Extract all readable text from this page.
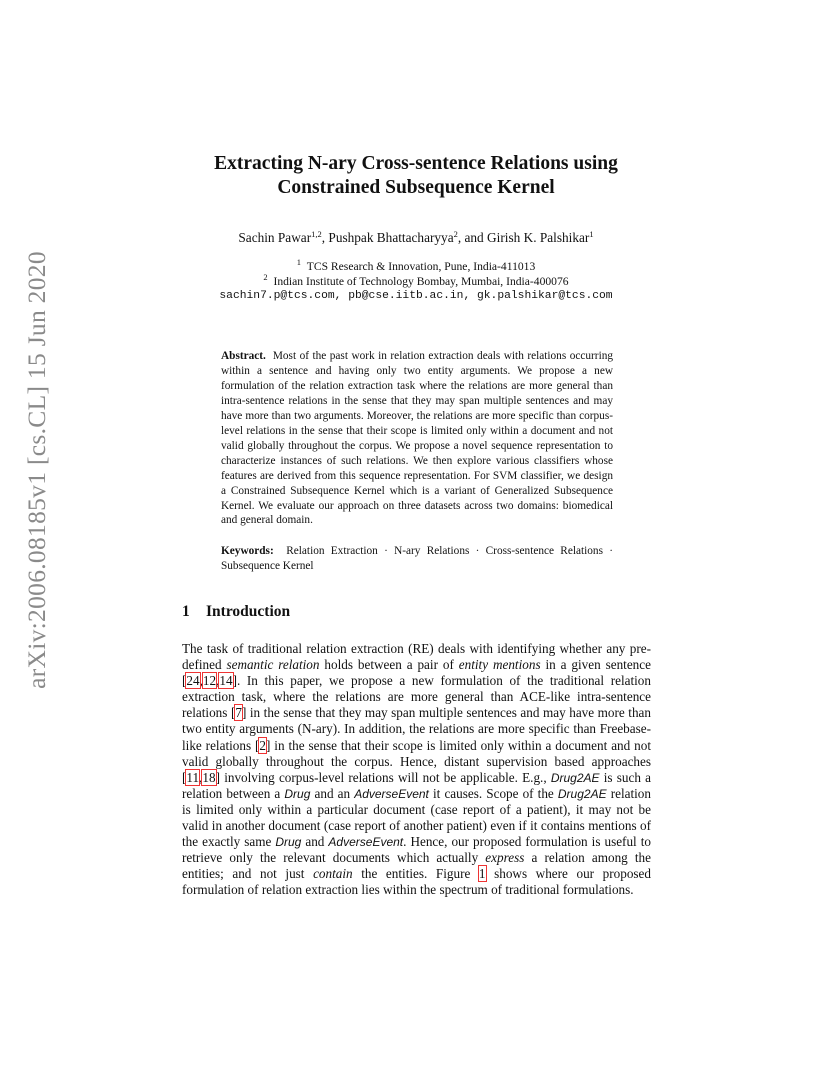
arXiv:2006.08185v1 [cs.CL] 15 Jun 2020
Extracting N-ary Cross-sentence Relations using
Constrained Subsequence Kernel
Sachin Pawar$^{1,2}$, Pushpak Bhattacharyya$^2$, and Girish K. Palshikar$^1$
$^1$ TCS Research & Innovation, Pune, India-411013
$^2$ Indian Institute of Technology Bombay, Mumbai, India-400076
sachin7.p@tcs.com, pb@cse.iitb.ac.in, gk.palshikar@tcs.com
Abstract. Most of the past work in relation extraction deals with relations occurring within a sentence and having only two entity arguments. We propose a new formulation of the relation extraction task where the relations are more general than intra-sentence relations in the sense that they may span multiple sentences and may have more than two arguments. Moreover, the relations are more specific than corpus-level relations in the sense that their scope is limited only within a document and not valid globally throughout the corpus. We propose a novel sequence representation to characterize instances of such relations. We then explore various classifiers whose features are derived from this sequence representation. For SVM classifier, we design a Constrained Subsequence Kernel which is a variant of Generalized Subsequence Kernel. We evaluate our approach on three datasets across two domains: biomedical and general domain.
Keywords: Relation Extraction · N-ary Relations · Cross-sentence Relations · Subsequence Kernel
1 Introduction
The task of traditional relation extraction (RE) deals with identifying whether any pre-defined semantic relation holds between a pair of entity mentions in a given sentence [24,12,14]. In this paper, we propose a new formulation of the traditional relation extraction task, where the relations are more general than ACE-like intra-sentence relations [7] in the sense that they may span multiple sentences and may have more than two entity arguments (N-ary). In addition, the relations are more specific than Freebase-like relations [2] in the sense that their scope is limited only within a document and not valid globally throughout the corpus. Hence, distant supervision based approaches [11,18] involving corpus-level relations will not be applicable. E.g., Drug2AE is such a relation between a Drug and an AdverseEvent it causes. Scope of the Drug2AE relation is limited only within a particular document (case report of a patient), it may not be valid in another document (case report of another patient) even if it contains mentions of the exactly same Drug and AdverseEvent. Hence, our proposed formulation is useful to retrieve only the relevant documents which actually express a relation among the entities; and not just contain the entities. Figure 1 shows where our proposed formulation of relation extraction lies within the spectrum of traditional formulations.
